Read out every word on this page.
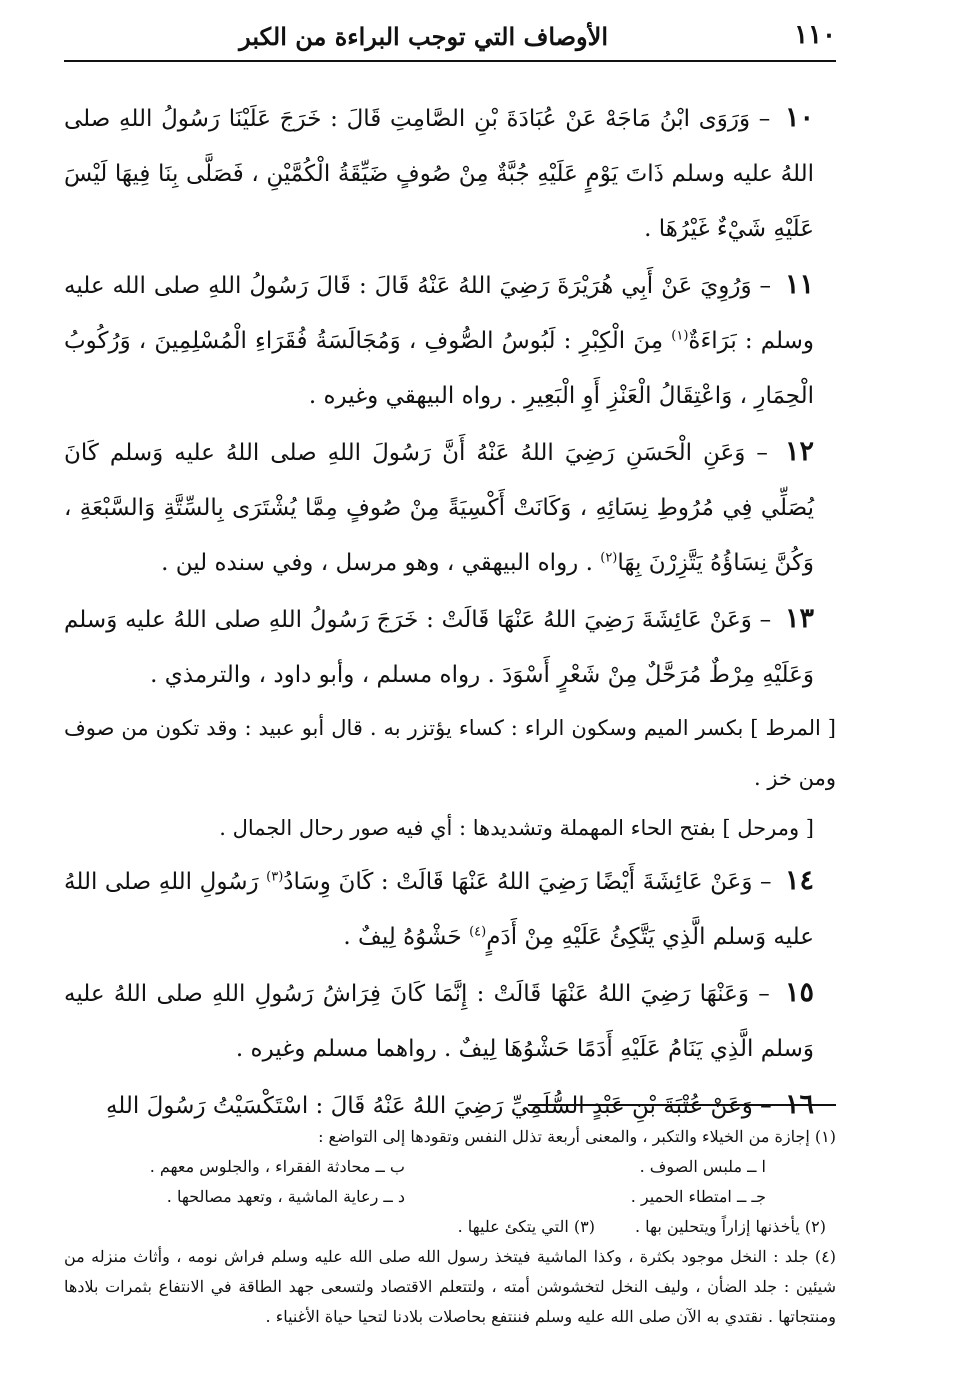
١١٠
الأوصاف التي توجب البراءة من الكبر

١٠ – وَرَوَى ابْنُ مَاجَهْ عَنْ عُبَادَةَ بْنِ الصَّامِتِ قَالَ : خَرَجَ عَلَيْنَا رَسُولُ اللهِ صلى اللهُ عليه وسلم ذَاتَ يَوْمٍ عَلَيْهِ جُبَّةٌ مِنْ صُوفٍ ضَيِّقَةُ الْكُمَّيْنِ ، فَصَلَّى بِنَا فِيهَا لَيْسَ عَلَيْهِ شَيْءٌ غَيْرُهَا .

١١ – وَرُوِيَ عَنْ أَبِي هُرَيْرَةَ رَضِيَ اللهُ عَنْهُ قَالَ : قَالَ رَسُولُ اللهِ صلى الله عليه وسلم : بَرَاءَةٌ$^{(١)}$ مِنَ الْكِبْرِ : لَبُوسُ الصُّوفِ ، وَمُجَالَسَةُ فُقَرَاءِ الْمُسْلِمِينَ ، وَرُكُوبُ الْحِمَارِ ، وَاعْتِقَالُ الْعَنْزِ أَوِ الْبَعِيرِ . رواه البيهقي وغيره .

١٢ – وَعَنِ الْحَسَنِ رَضِيَ اللهُ عَنْهُ أَنَّ رَسُولَ اللهِ صلى اللهُ عليه وَسلم كَانَ يُصَلِّي فِي مُرُوطِ نِسَائِهِ ، وَكَانَتْ أَكْسِيَةً مِنْ صُوفٍ مِمَّا يُشْتَرَى بِالسِّتَّةِ وَالسَّبْعَةِ ، وَكُنَّ نِسَاؤُهُ يَتَّزِرْنَ بِهَا$^{(٢)}$ . رواه البيهقي ، وهو مرسل ، وفي سنده لين .

١٣ – وَعَنْ عَائِشَةَ رَضِيَ اللهُ عَنْهَا قَالَتْ : خَرَجَ رَسُولُ اللهِ صلى اللهُ عليه وَسلم وَعَلَيْهِ مِرْطٌ مُرَحَّلٌ مِنْ شَعْرٍ أَسْوَدَ . رواه مسلم ، وأبو داود ، والترمذي .

[ المرط ] بكسر الميم وسكون الراء : كساء يؤتزر به . قال أبو عبيد : وقد تكون من صوف ومن خز .

[ ومرحل ] بفتح الحاء المهملة وتشديدها : أي فيه صور رحال الجمال .

١٤ – وَعَنْ عَائِشَةَ أَيْضًا رَضِيَ اللهُ عَنْهَا قَالَتْ : كَانَ وِسَادُ$^{(٣)}$ رَسُولِ اللهِ صلى اللهُ عليه وَسلم الَّذِي يَتَّكِئُ عَلَيْهِ مِنْ أَدَمٍ$^{(٤)}$ حَشْوُهُ لِيفٌ .

١٥ – وَعَنْهَا رَضِيَ اللهُ عَنْهَا قَالَتْ : إِنَّمَا كَانَ فِرَاشُ رَسُولِ اللهِ صلى اللهُ عليه وَسلم الَّذِي يَنَامُ عَلَيْهِ أَدَمًا حَشْوُهَا لِيفٌ . رواهما مسلم وغيره .

١٦ – وَعَنْ عُتْبَةَ بْنِ عَبْدٍ السُّلَمِيِّ رَضِيَ اللهُ عَنْهُ قَالَ : اسْتَكْسَيْتُ رَسُولَ اللهِ

(١) إجازة من الخيلاء والتكبر ، والمعنى أربعة تذلل النفس وتقودها إلى التواضع :

ا ــ ملبس الصوف .
ب ــ محادثة الفقراء ، والجلوس معهم .
جـ ــ امتطاء الحمير .
د ــ رعاية الماشية ، وتعهد مصالحها .
(٢) يأخذنها إزاراً ويتحلين بها .
(٣) التي يتكئ عليها .

(٤) جلد : النخل موجود بكثرة ، وكذا الماشية فيتخذ رسول الله صلى الله عليه وسلم فراش نومه ، وأثاث منزله من شيئين : جلد الضأن ، وليف النخل لتخشوشن أمته ، ولتتعلم الاقتصاد ولتسعى جهد الطاقة في الانتفاع بثمرات بلادها ومنتجاتها . نقتدي به الآن صلى الله عليه وسلم فننتفع بحاصلات بلادنا لتحيا حياة الأغنياء .
